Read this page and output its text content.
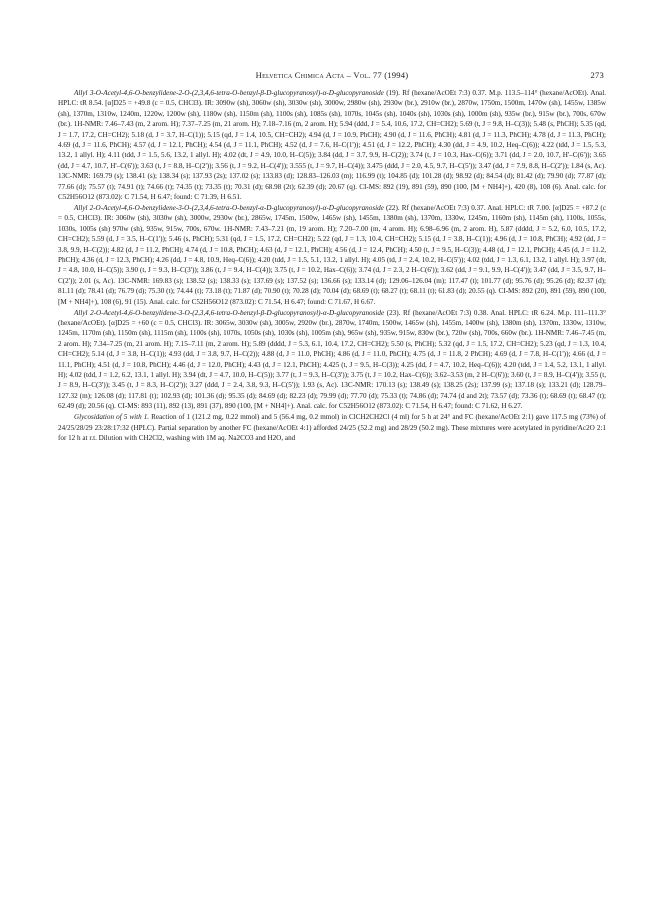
Helvetica Chimica Acta – Vol. 77 (1994)	273

Allyl 3-O-Acetyl-4,6-O-benzylidene-2-O-(2,3,4,6-tetra-O-benzyl-β-D-glucopyranosyl)-α-D-glucopyranoside (19). Rf (hexane/AcOEt 7:3) 0.37. M.p. 113.5–114° (hexane/AcOEt). Anal. HPLC: tR 8.54. [α]D25 = +49.8 (c = 0.5, CHCl3). IR: 3090w (sh), 3060w (sh), 3030w (sh), 3000w, 2980w (sh), 2930w (br.), 2910w (br.), 2870w, 1750m, 1500m, 1470w (sh), 1455w, 1385w (sh), 1370m, 1310w, 1240m, 1220w, 1200w (sh), 1180w (sh), 1150m (sh), 1100s (sh), 1085s (sh), 1070s, 1045s (sh), 1040s (sh), 1030s (sh), 1000m (sh), 935w (br.), 915w (br.), 700s, 670w (br.). 1H-NMR: 7.46–7.43 (m, 2 arom. H); 7.37–7.25 (m, 21 arom. H); 7.18–7.16 (m, 2 arom. H); 5.94 (ddd, J = 5.4, 10.6, 17.2, CH=CH2); 5.69 (t, J = 9.8, H–C(3)); 5.48 (s, PhCH); 5.35 (qd, J = 1.7, 17.2, CH=CH2); 5.18 (d, J = 3.7, H–C(1)); 5.15 (qd, J = 1.4, 10.5, CH=CH2); 4.94 (d, J = 10.9, PhCH); 4.90 (d, J = 11.6, PhCH); 4.81 (d, J = 11.3, PhCH); 4.78 (d, J = 11.3, PhCH); 4.69 (d, J = 11.6, PhCH); 4.57 (d, J = 12.1, PhCH); 4.54 (d, J = 11.1, PhCH); 4.52 (d, J = 7.6, H–C(1')); 4.51 (d, J = 12.2, PhCH); 4.30 (dd, J = 4.9, 10.2, Heq–C(6)); 4.22 (tdd, J = 1.5, 5.3, 13.2, 1 allyl. H); 4.11 (tdd, J = 1.5, 5.6, 13.2, 1 allyl. H); 4.02 (dt, J = 4.9, 10.0, H–C(5)); 3.84 (dd, J = 3.7, 9.9, H–C(2)); 3.74 (t, J = 10.3, Hax–C(6)); 3.71 (dd, J = 2.0, 10.7, H'–C(6')); 3.65 (dd, J = 4.7, 10.7, H'–C(6')); 3.63 (t, J = 8.8, H–C(2')); 3.56 (t, J = 9.2, H–C(4')); 3.555 (t, J = 9.7, H–C(4)); 3.475 (ddd, J = 2.0, 4.5, 9.7, H–C(5')); 3.47 (dd, J = 7.9, 8.8, H–C(2')); 1.84 (s, Ac). 13C-NMR: 169.79 (s); 138.41 (s); 138.34 (s); 137.93 (2s); 137.02 (s); 133.83 (d); 128.83–126.03 (m); 116.99 (t); 104.85 (d); 101.28 (d); 98.92 (d); 84.54 (d); 81.42 (d); 79.90 (d); 77.87 (d); 77.66 (d); 75.57 (t); 74.91 (t); 74.66 (t); 74.35 (t); 73.35 (t); 70.31 (d); 68.98 (2t); 62.39 (d); 20.67 (q). CI-MS: 892 (19), 891 (59), 890 (100, [M + NH4]+), 420 (8), 108 (6). Anal. calc. for C52H56O12 (873.02): C 71.54, H 6.47; found: C 71.39, H 6.51.

Allyl 2-O-Acetyl-4,6-O-benzylidene-3-O-(2,3,4,6-tetra-O-benzyl-α-D-glucopyranosyl)-α-D-glucopyranoside (22). Rf (hexane/AcOEt 7:3) 0.37. Anal. HPLC: tR 7.00. [α]D25 = +87.2 (c = 0.5, CHCl3). IR: 3060w (sh), 3030w (sh), 3000w, 2930w (br.), 2865w, 1745m, 1500w, 1465w (sh), 1455m, 1380m (sh), 1370m, 1330w, 1245m, 1160m (sh), 1145m (sh), 1100s, 1055s, 1030s, 1005s (sh) 970w (sh), 935w, 915w, 700s, 670w. 1H-NMR: 7.43–7.21 (m, 19 arom. H); 7.20–7.00 (m, 4 arom. H); 6.98–6.96 (m, 2 arom. H), 5.87 (dddd, J = 5.2, 6.0, 10.5, 17.2, CH=CH2); 5.59 (d, J = 3.5, H–C(1')); 5.46 (s, PhCH); 5.31 (qd, J = 1.5, 17.2, CH=CH2); 5.22 (qd, J = 1.3, 10.4, CH=CH2); 5.15 (d, J = 3.8, H–C(1)); 4.96 (d, J = 10.8, PhCH); 4.92 (dd, J = 3.8, 9.9, H–C(2)); 4.82 (d, J = 11.2, PhCH); 4.74 (d, J = 10.8, PhCH); 4.63 (d, J = 12.1, PhCH); 4.56 (d, J = 12.4, PhCH); 4.50 (t, J = 9.5, H–C(3)); 4.48 (d, J = 12.1, PhCH); 4.45 (d, J = 11.2, PhCH); 4.36 (d, J = 12.3, PhCH); 4.26 (dd, J = 4.8, 10.9, Heq–C(6)); 4.20 (tdd, J = 1.5, 5.1, 13.2, 1 allyl. H); 4.05 (td, J = 2.4, 10.2, H–C(5')); 4.02 (tdd, J = 1.3, 6.1, 13.2, 1 allyl. H); 3.97 (dt, J = 4.8, 10.0, H–C(5)); 3.90 (t, J = 9.3, H–C(3')); 3.86 (t, J = 9.4, H–C(4)); 3.75 (t, J = 10.2, Hax–C(6)); 3.74 (d, J = 2.3, 2 H–C(6')); 3.62 (dd, J = 9.1, 9.9, H–C(4')); 3.47 (dd, J = 3.5, 9.7, H–C(2')); 2.01 (s, Ac). 13C-NMR: 169.83 (s); 138.52 (s); 138.33 (s); 137.69 (s); 137.52 (s); 136.66 (s); 133.14 (d); 129.06–126.04 (m); 117.47 (t); 101.77 (d); 95.76 (d); 95.26 (d); 82.37 (d); 81.11 (d); 78.41 (d); 76.79 (d); 75.30 (t); 74.44 (t); 73.18 (t); 71.87 (d); 70.90 (t); 70.28 (d); 70.04 (d); 68.69 (t); 68.27 (t); 68.11 (t); 61.83 (d); 20.55 (q). CI-MS: 892 (20), 891 (59), 890 (100, [M + NH4]+), 108 (6), 91 (15). Anal. calc. for C52H56O12 (873.02): C 71.54, H 6.47; found: C 71.67, H 6.67.

Allyl 2-O-Acetyl-4,6-O-benzylidene-3-O-(2,3,4,6-tetra-O-benzyl-β-D-glucopyranosyl)-α-D-glucopyranoside (23). Rf (hexane/AcOEt 7:3) 0.38. Anal. HPLC: tR 6.24. M.p. 111–111.3° (hexane/AcOEt). [α]D25 = +60 (c = 0.5, CHCl3). IR: 3065w, 3030w (sh), 3005w, 2920w (br.), 2870w, 1740m, 1500w, 1465w (sh), 1455m, 1400w (sh), 1380m (sh), 1370m, 1330w, 1310w, 1245m, 1170m (sh), 1150m (sh), 1115m (sh), 1100s (sh), 1070s, 1050s (sh), 1030s (sh), 1005m (sh), 965w (sh), 935w, 915w, 830w (br.), 720w (sh), 700s, 660w (br.). 1H-NMR: 7.46–7.45 (m, 2 arom. H); 7.34–7.25 (m, 21 arom. H); 7.15–7.11 (m, 2 arom. H); 5.89 (dddd, J = 5.3, 6.1, 10.4, 17.2, CH=CH2); 5.50 (s, PhCH); 5.32 (qd, J = 1.5, 17.2, CH=CH2); 5.23 (qd, J = 1.3, 10.4, CH=CH2); 5.14 (d, J = 3.8, H–C(1)); 4.93 (dd, J = 3.8, 9.7, H–C(2)); 4.88 (d, J = 11.0, PhCH); 4.86 (d, J = 11.0, PhCH); 4.75 (d, J = 11.8, 2 PhCH); 4.69 (d, J = 7.8, H–C(1')); 4.66 (d, J = 11.1, PhCH); 4.51 (d, J = 10.8, PhCH); 4.46 (d, J = 12.0, PhCH); 4.43 (d, J = 12.1, PhCH); 4.425 (t, J = 9.5, H–C(3)); 4.25 (dd, J = 4.7, 10.2, Heq–C(6)); 4.20 (tdd, J = 1.4, 5.2, 13.1, 1 allyl. H); 4.02 (tdd, J = 1.2, 6.2, 13.1, 1 allyl. H); 3.94 (dt, J = 4.7, 10.0, H–C(5)); 3.77 (t, J = 9.3, H–C(3')); 3.75 (t, J = 10.2, Hax–C(6)); 3.62–3.53 (m, 2 H–C(6')); 3.60 (t, J = 8.9, H–C(4')); 3.55 (t, J = 8.9, H–C(3')); 3.45 (t, J = 8.3, H–C(2')); 3.27 (ddd, J = 2.4, 3.8, 9.3, H–C(5')); 1.93 (s, Ac). 13C-NMR: 170.13 (s); 138.49 (s); 138.25 (2s); 137.99 (s); 137.18 (s); 133.21 (d); 128.79–127.32 (m); 126.08 (d); 117.81 (t); 102.93 (d); 101.36 (d); 95.35 (d); 84.69 (d); 82.23 (d); 79.99 (d); 77.70 (d); 75.33 (t); 74.86 (d); 74.74 (d and 2t); 73.57 (d); 73.36 (t); 68.69 (t); 68.47 (t); 62.49 (d); 20.56 (q). CI-MS: 893 (11), 892 (13), 891 (37), 890 (100, [M + NH4]+). Anal. calc. for C52H56O12 (873.02): C 71.54, H 6.47; found: C 71.62, H 6.27.

Glycosidation of 5 with 1. Reaction of 1 (121.2 mg, 0.22 mmol) and 5 (56.4 mg, 0.2 mmol) in ClCH2CH2Cl (4 ml) for 5 h at 24° and FC (hexane/AcOEt 2:1) gave 117.5 mg (73%) of 24/25/28/29 23:28:17:32 (HPLC). Partial separation by another FC (hexane/AcOEt 4:1) afforded 24/25 (52.2 mg) and 28/29 (50.2 mg). These mixtures were acetylated in pyridine/Ac2O 2:1 for 12 h at r.t. Dilution with CH2Cl2, washing with 1M aq. Na2CO3 and H2O, and
